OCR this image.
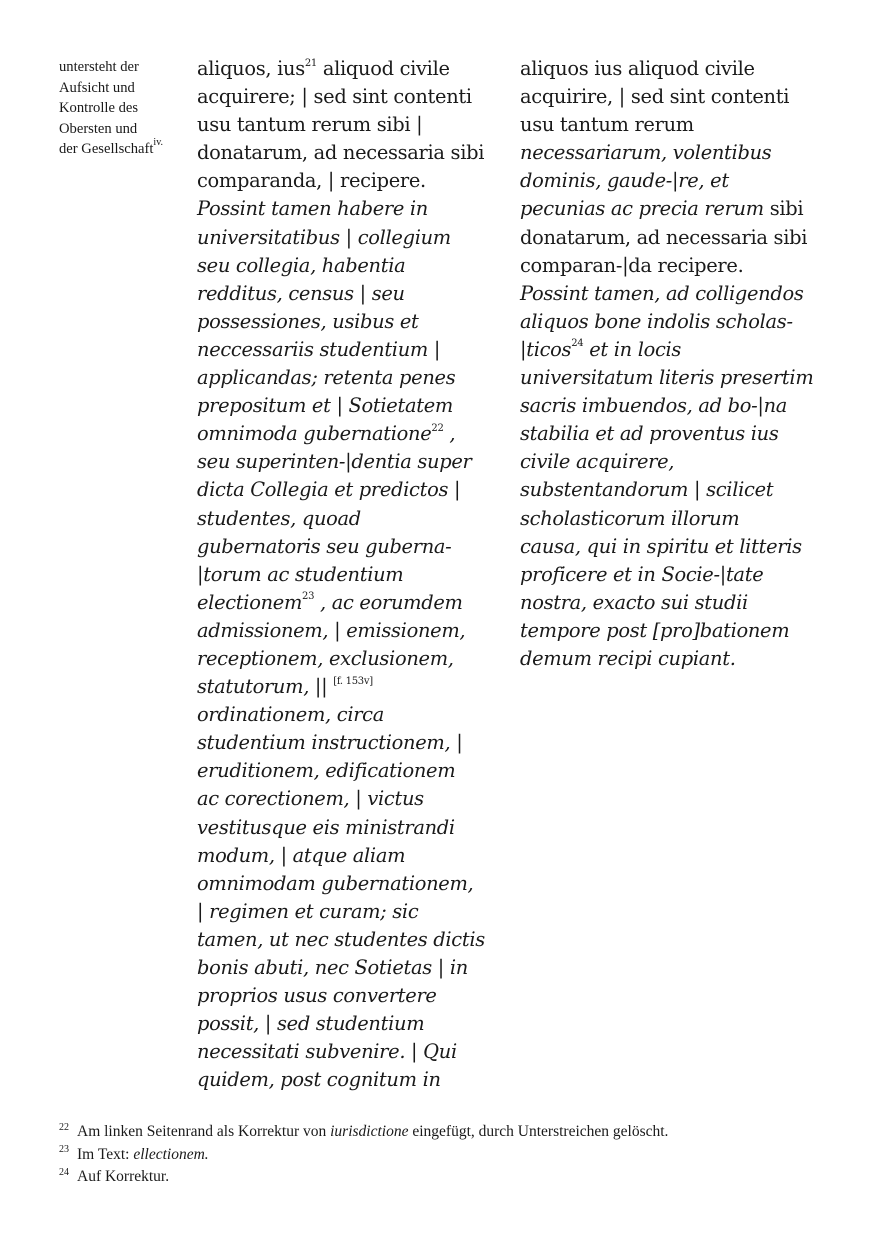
untersteht der
Aufsicht und
Kontrolle des
Obersten und
der Gesellschaft$^{iv.}$
aliquos, ius$^{21}$ aliquod civile
acquirere; | sed sint contenti
usu tantum rerum sibi |
donatarum, ad necessaria sibi
comparanda, | recipere.
Possint tamen habere in
universitatibus | collegium
seu collegia, habentia
redditus, census | seu
possessiones, usibus et
neccessariis studentium |
applicandas; retenta penes
prepositum et | Sotietatem
omnimoda gubernatione$^{22}$ ,
seu superinten-|dentia super
dicta Collegia et predictos |
studentes, quoad
gubernatoris seu guberna-
|torum ac studentium
electionem$^{23}$ , ac eorumdem
admissionem, | emissionem,
receptionem, exclusionem,
statutorum, || [f. 153v]
ordinationem, circa
studentium instructionem, |
eruditionem, edificationem
ac corectionem, | victus
vestitusque eis ministrandi
modum, | atque aliam
omnimodam gubernationem,
| regimen et curam; sic
tamen, ut nec studentes dictis
bonis abuti, nec Sotietas | in
proprios usus convertere
possit, | sed studentium
necessitati subvenire. | Qui
quidem, post cognitum in
aliquos ius aliquod civile
acquirire, | sed sint contenti
usu tantum rerum
necessariarum, volentibus
dominis, gaude-|re, et
pecunias ac precia rerum sibi
donatarum, ad necessaria sibi
comparan-|da recipere.
Possint tamen, ad colligendos
aliquos bone indolis scholas-
|ticos$^{24}$ et in locis
universitatum literis presertim
sacris imbuendos, ad bo-|na
stabilia et ad proventus ius
civile acquirere,
substentandorum | scilicet
scholasticorum illorum
causa, qui in spiritu et litteris
proficere et in Socie-|tate
nostra, exacto sui studii
tempore post [pro]bationem
demum recipi cupiant.
22 Am linken Seitenrand als Korrektur von iurisdictione eingefügt, durch Unterstreichen gelöscht.
23 Im Text: ellectionem.
24 Auf Korrektur.
